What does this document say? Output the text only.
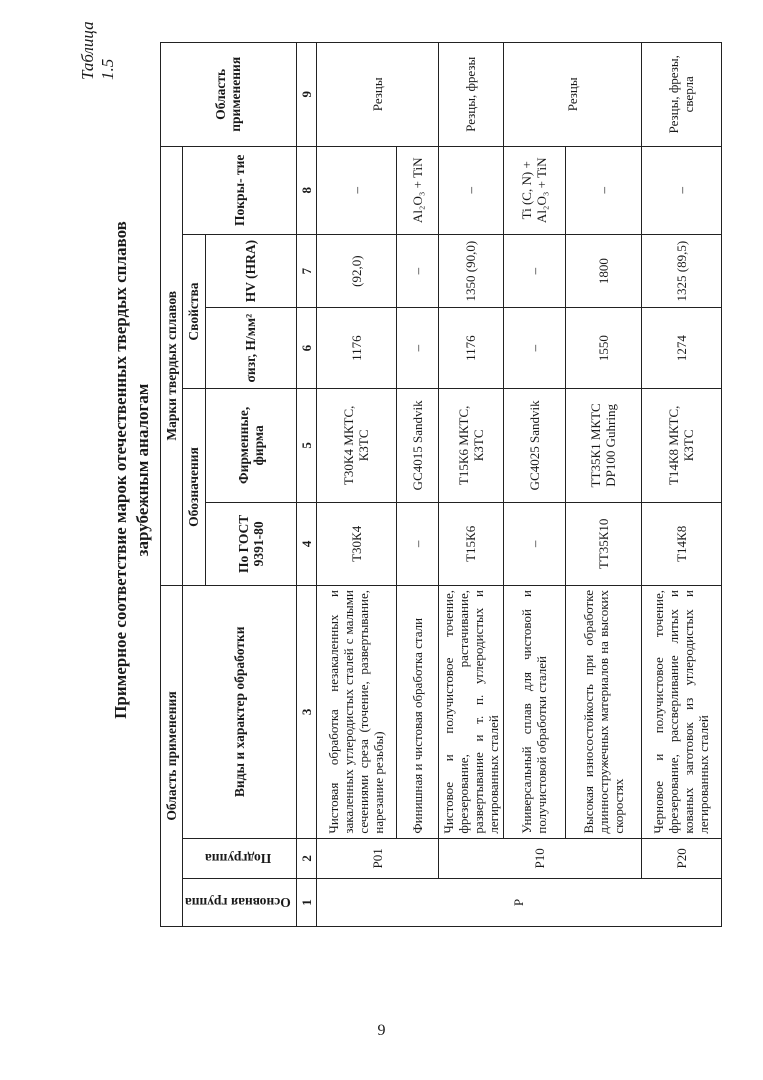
Таблица 1.5
Примерное соответствие марок отечественных твердых сплавов зарубежным аналогам
Область применения			Марки твердых сплавов					Область применения
Основная группа	Подгруппа	Виды и характер обработки	Обозначения		Свойства		Покры- тие	
			По ГОСТ 9391-80	Фирменные, фирма	σизг, Н/мм²	HV (HRA)		
1	2	3	4	5	6	7	8	9
P	P01	Чистовая обработка незакаленных и закаленных углеродистых сталей с малыми сечениями среза (точение, развертывание, нарезание резьбы)	Т30К4	Т30К4 МКТС, КЗТС	1176	(92,0)	–	Резцы
		Финишная и чистовая обработка стали	–	GC4015 Sandvik	–	–	Al₂O₃ + TiN	
	P10	Чистовое и получистовое точение, фрезерование, растачивание, развертывание и т. п. углеродистых и легированных сталей	Т15К6	Т15К6 МКТС, КЗТС	1176	1350 (90,0)	–	Резцы, фрезы
		Универсальный сплав для чистовой и получистовой обработки сталей	–	GC4025 Sandvik	–	–	Ti (C, N) + Al₂O₃ + TiN	Резцы
		Высокая износостойкость при обработке длинностружечных материалов на высоких скоростях	ТТ35К10	ТТ35К1 МКТС DP100 Guhring	1550	1800	–	
	P20	Черновое и получистовое точение, фрезерование, рассверливание литых и кованых заготовок из углеродистых и легированных сталей	Т14К8	Т14К8 МКТС, КЗТС	1274	1325 (89,5)	–	Резцы, фрезы, сверла
9
